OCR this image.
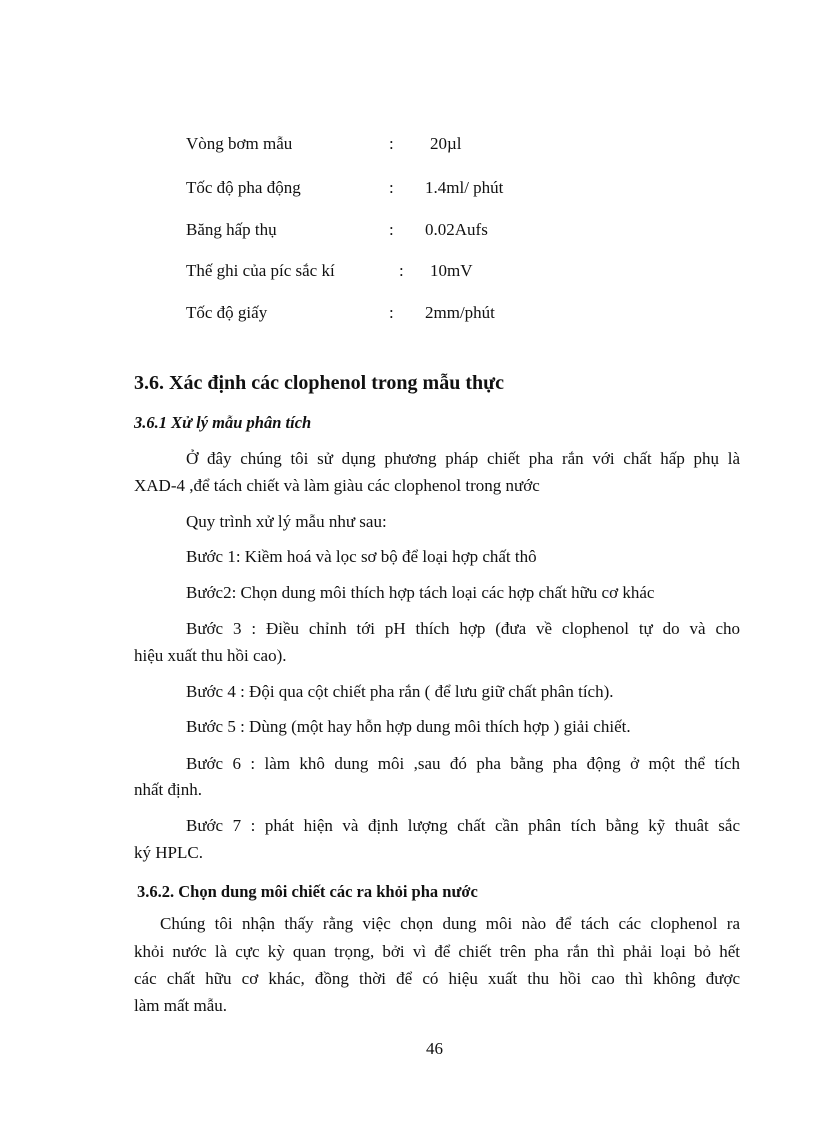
Vòng bơm mẫu	: 20µl
Tốc độ pha động	: 1.4ml/ phút
Băng hấp thụ	: 0.02Aufs
Thế ghi của píc sắc kí	: 10mV
Tốc độ giấy	: 2mm/phút
3.6. Xác định các clophenol trong mẫu thực
3.6.1 Xử lý mẫu phân tích
Ở đây chúng tôi sử dụng phương pháp chiết pha rắn với chất hấp phụ là
XAD-4 ,để tách chiết và làm giàu các clophenol trong nước
Quy trình xử lý mẫu như sau:
Bước 1: Kiềm hoá và lọc sơ bộ để loại hợp chất thô
Bước2: Chọn dung môi thích hợp tách loại các hợp chất hữu cơ khác
Bước 3 : Điều chỉnh tới pH thích hợp (đưa về clophenol tự do và cho
hiệu xuất thu hồi cao).
Bước 4 : Đội qua cột chiết pha rắn ( để lưu giữ chất phân tích).
Bước 5 : Dùng (một hay hỗn hợp dung môi thích hợp ) giải chiết.
Bước 6 : làm khô dung môi ,sau đó pha bằng pha động ở một thể tích
nhất định.
Bước 7 : phát hiện và định lượng chất cần phân tích bằng kỹ thuât sắc
ký HPLC.
3.6.2. Chọn dung môi chiết các ra khỏi pha nước
Chúng tôi nhận thấy rằng việc chọn dung môi nào để tách các clophenol ra
khỏi nước là cực kỳ quan trọng, bởi vì để chiết trên pha rắn thì phải loại bỏ hết
các chất hữu cơ khác, đồng thời để có hiệu xuất thu hồi cao thì không được
làm mất mẫu.
46
